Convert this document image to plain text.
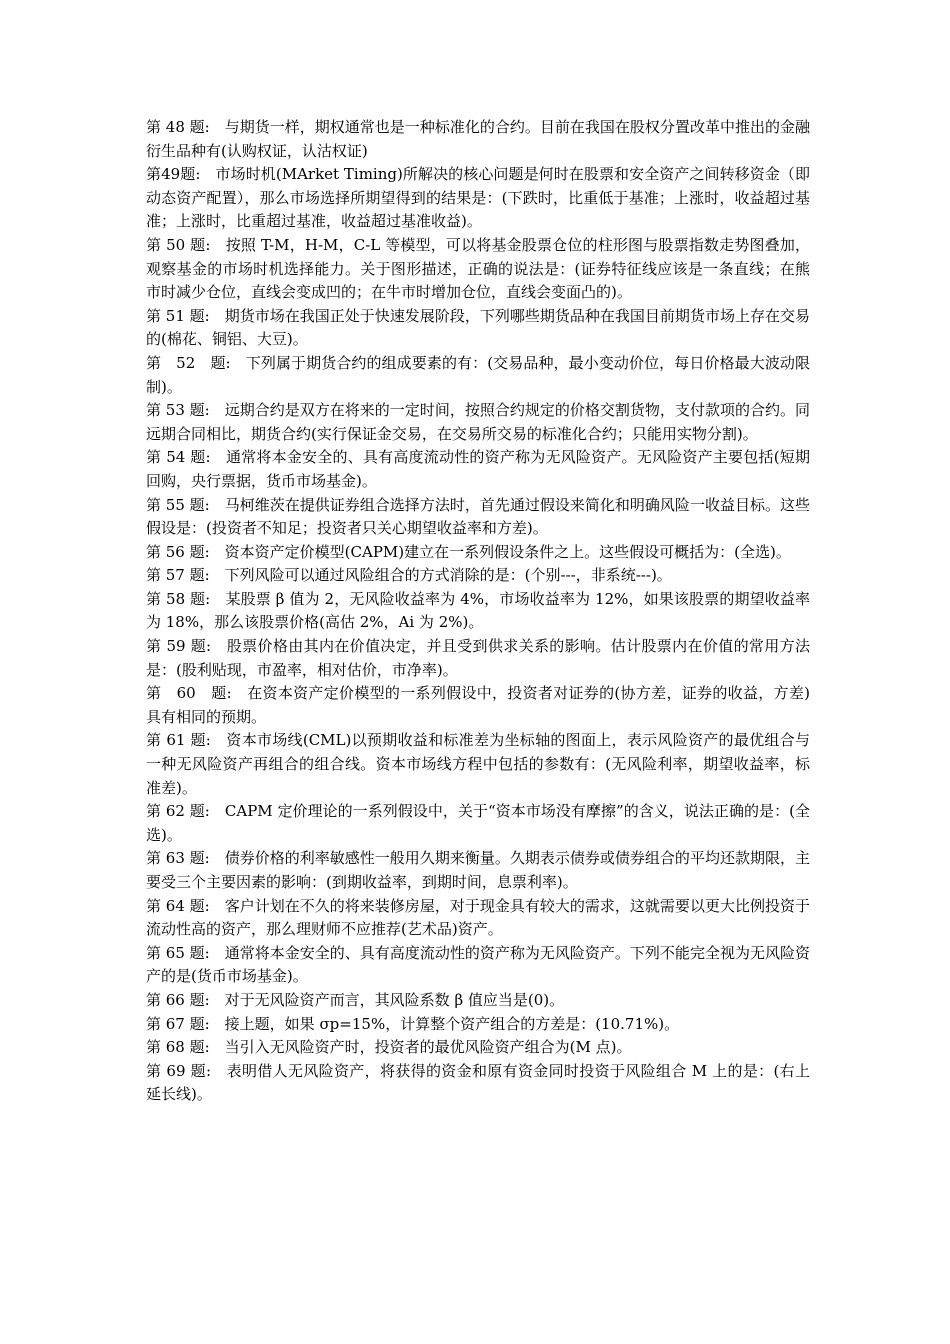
第 48 题:　与期货一样，期权通常也是一种标准化的合约。目前在我国在股权分置改革中推出的金融衍生品种有(认购权证，认沽权证)

第49题:　市场时机(MArket Timing)所解决的核心问题是何时在股票和安全资产之间转移资金（即动态资产配置），那么市场选择所期望得到的结果是：(下跌时，比重低于基准；上涨时，收益超过基准；上涨时，比重超过基准，收益超过基准收益)。

第 50 题:　按照 T-M，H-M，C-L 等模型，可以将基金股票仓位的柱形图与股票指数走势图叠加，观察基金的市场时机选择能力。关于图形描述，正确的说法是：(证券特征线应该是一条直线；在熊市时减少仓位，直线会变成凹的；在牛市时增加仓位，直线会变面凸的)。

第 51 题:　期货市场在我国正处于快速发展阶段，下列哪些期货品种在我国目前期货市场上存在交易的(棉花、铜铝、大豆)。

第　52　题:　下列属于期货合约的组成要素的有：(交易品种，最小变动价位，每日价格最大波动限制)。

第 53 题:　远期合约是双方在将来的一定时间，按照合约规定的价格交割货物，支付款项的合约。同远期合同相比，期货合约(实行保证金交易，在交易所交易的标准化合约；只能用实物分割)。

第 54 题:　通常将本金安全的、具有高度流动性的资产称为无风险资产。无风险资产主要包括(短期回购，央行票据，货币市场基金)。

第 55 题:　马柯维茨在提供证券组合选择方法时，首先通过假设来简化和明确风险一收益目标。这些假设是：(投资者不知足；投资者只关心期望收益率和方差)。

第 56 题:　资本资产定价模型(CAPM)建立在一系列假设条件之上。这些假设可概括为：(全选)。

第 57 题:　下列风险可以通过风险组合的方式消除的是：(个别---，非系统---)。

第 58 题:　某股票 β 值为 2，无风险收益率为 4%，市场收益率为 12%，如果该股票的期望收益率为 18%，那么该股票价格(高估 2%，Ai 为 2%)。

第 59 题:　股票价格由其内在价值决定，并且受到供求关系的影响。估计股票内在价值的常用方法是：(股利贴现，市盈率，相对估价，市净率)。

第　60　题:　在资本资产定价模型的一系列假设中，投资者对证券的(协方差，证券的收益，方差)具有相同的预期。

第 61 题:　资本市场线(CML)以预期收益和标准差为坐标轴的图面上，表示风险资产的最优组合与一种无风险资产再组合的组合线。资本市场线方程中包括的参数有：(无风险利率，期望收益率，标准差)。

第 62 题:　CAPM 定价理论的一系列假设中，关于“资本市场没有摩擦”的含义，说法正确的是：(全选)。

第 63 题:　债券价格的利率敏感性一般用久期来衡量。久期表示债券或债券组合的平均还款期限，主要受三个主要因素的影响：(到期收益率，到期时间，息票利率)。

第 64 题:　客户计划在不久的将来装修房屋，对于现金具有较大的需求，这就需要以更大比例投资于流动性高的资产，那么理财师不应推荐(艺术品)资产。

第 65 题:　通常将本金安全的、具有高度流动性的资产称为无风险资产。下列不能完全视为无风险资产的是(货币市场基金)。

第 66 题:　对于无风险资产而言，其风险系数 β 值应当是(0)。

第 67 题:　接上题，如果 σp=15%，计算整个资产组合的方差是：(10.71%)。

第 68 题:　当引入无风险资产时，投资者的最优风险资产组合为(M 点)。

第 69 题:　表明借人无风险资产，将获得的资金和原有资金同时投资于风险组合 M 上的是：(右上延长线)。
